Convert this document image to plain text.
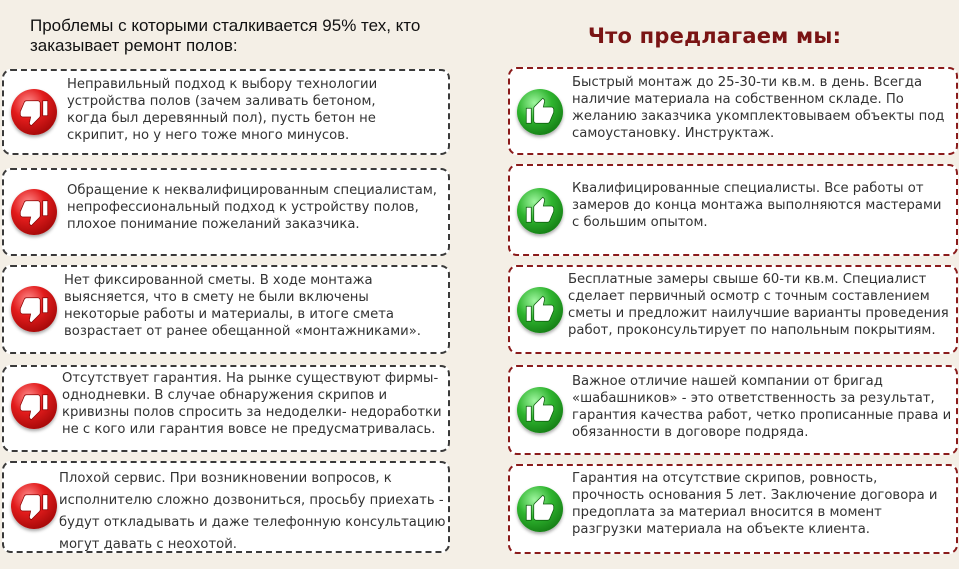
Проблемы с которыми сталкивается 95% тех, кто заказывает ремонт полов:	Что предлагаем мы:
Неправильный подход к выбору технологии устройства полов (зачем заливать бетоном, когда был деревянный пол), пусть бетон не скрипит, но у него тоже много минусов.
Обращение к неквалифицированным специалистам, непрофессиональный подход к устройству полов, плохое понимание пожеланий заказчика.
Нет фиксированной сметы. В ходе монтажа выясняется, что в смету не были включены некоторые работы и материалы, в итоге смета возрастает от ранее обещанной «монтажниками».
Отсутствует гарантия. На рынке существуют фирмы-однодневки. В случае обнаружения скрипов и кривизны полов спросить за недоделки- недоработки не с кого или гарантия вовсе не предусматривалась.
Плохой сервис. При возникновении вопросов, к исполнителю сложно дозвониться, просьбу приехать - будут откладывать и даже телефонную консультацию могут давать с неохотой.
Быстрый монтаж до 25-30-ти кв.м. в день. Всегда наличие материала на собственном складе. По желанию заказчика укомплектовываем объекты под самоустановку. Инструктаж.
Квалифицированные специалисты. Все работы от замеров до конца монтажа выполняются мастерами с большим опытом.
Бесплатные замеры свыше 60-ти кв.м. Специалист сделает первичный осмотр с точным составлением сметы и предложит наилучшие варианты проведения работ, проконсультирует по напольным покрытиям.
Важное отличие нашей компании от бригад «шабашников» - это ответственность за результат, гарантия качества работ, четко прописанные права и обязанности в договоре подряда.
Гарантия на отсутствие скрипов, ровность, прочность основания 5 лет. Заключение договора и предоплата за материал вносится в момент разгрузки материала на объекте клиента.
